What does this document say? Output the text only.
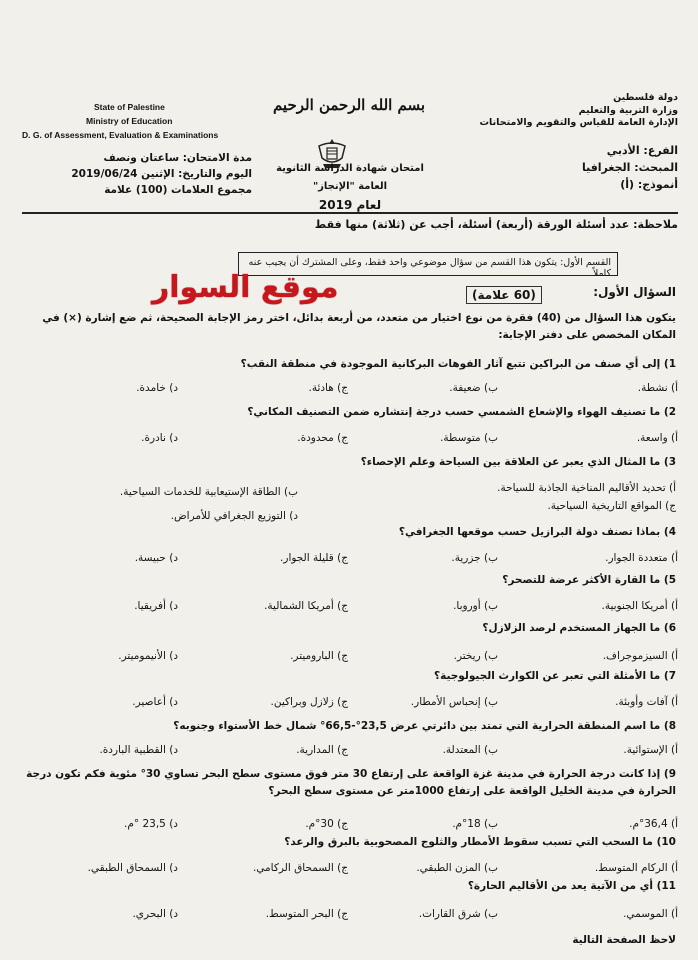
بسم الله الرحمن الرحيم
State of Palestine
Ministry of Education
D. G. of Assessment, Evaluation & Examinations
مدة الامتحان: ساعتان ونصف
اليوم والتاريخ: الإثنين 2019/06/24
مجموع العلامات (100) علامة
دولة فلسطين
وزارة التربية والتعليم
الإدارة العامة للقياس والتقويم والامتحانات
الفرع: الأدبي
المبحث: الجغرافيا
أنموذج: (أ)
امتحان شهادة الدراسة الثانوية العامة "الإنجاز"
لعام 2019
ملاحظة: عدد أسئلة الورقة (أربعة) أسئلة، أجب عن (ثلاثة) منها فقط
القسم الأول: يتكون هذا القسم من سؤال موضوعي واحد فقط، وعلى المشترك أن يجيب عنه كاملاً
موقع السوار	السؤال الأول:
(60 علامة)
يتكون هذا السؤال من (40) فقرة من نوع اختيار من متعدد، من أربعة بدائل، اختر رمز الإجابة الصحيحة، ثم ضع إشارة (×) في المكان المخصص على دفتر الإجابة:
1) إلى أي صنف من البراكين تتبع آثار الفوهات البركانية الموجودة في منطقة النقب؟
أ) نشطة.
ب) ضعيفة.
ج) هادئة.
د) خامدة.
2) ما تصنيف الهواء والإشعاع الشمسي حسب درجة إنتشاره ضمن التصنيف المكاني؟
أ) واسعة.
ب) متوسطة.
ج) محدودة.
د) نادرة.
3) ما المثال الذي يعبر عن العلاقة بين السياحة وعلم الإحصاء؟
أ) تحديد الأقاليم المناخية الجاذبة للسياحة.
ب) الطاقة الإستيعابية للخدمات السياحية.
ج) المواقع التاريخية السياحية.
د) التوزيع الجغرافي للأمراض.
4) بماذا تصنف دولة البرازيل حسب موقعها الجغرافي؟
أ) متعددة الجوار.
ب) جزرية.
ج) قليلة الجوار.
د) حبيسة.
5) ما القارة الأكثر عرضة للتصحر؟
أ) أمريكا الجنوبية.
ب) أوروبا.
ج) أمريكا الشمالية.
د) أفريقيا.
6) ما الجهاز المستخدم لرصد الزلازل؟
أ) السيزموجراف.
ب) ريختر.
ج) الباروميتر.
د) الأنيموميتر.
7) ما الأمثلة التي تعبر عن الكوارث الجيولوجية؟
أ) آفات وأوبئة.
ب) إنحباس الأمطار.
ج) زلازل وبراكين.
د) أعاصير.
8) ما اسم المنطقة الحرارية التي تمتد بين دائرتي عرض 23,5°-66,5° شمال خط الأستواء وجنوبه؟
أ) الإستوائية.
ب) المعتدلة.
ج) المدارية.
د) القطبية الباردة.
9) إذا كانت درجة الحرارة في مدينة غزة الواقعة على إرتفاع 30 متر فوق مستوى سطح البحر تساوي 30° مئوية فكم تكون درجة الحرارة في مدينة الخليل الواقعة على إرتفاع 1000متر عن مستوى سطح البحر؟
أ) 36,4°م.
ب) 18°م.
ج) 30°م.
د) 23,5 °م.
10) ما السحب التي تسبب سقوط الأمطار والثلوج المصحوبية بالبرق والرعد؟
أ) الركام المتوسط.
ب) المزن الطبقي.
ج) السمحاق الركامي.
د) السمحاق الطبقي.
11) أي من الآتية يعد من الأقاليم الحارة؟
أ) الموسمي.
ب) شرق القارات.
ج) البحر المتوسط.
د) البحري.
لاحظ الصفحة التالية
